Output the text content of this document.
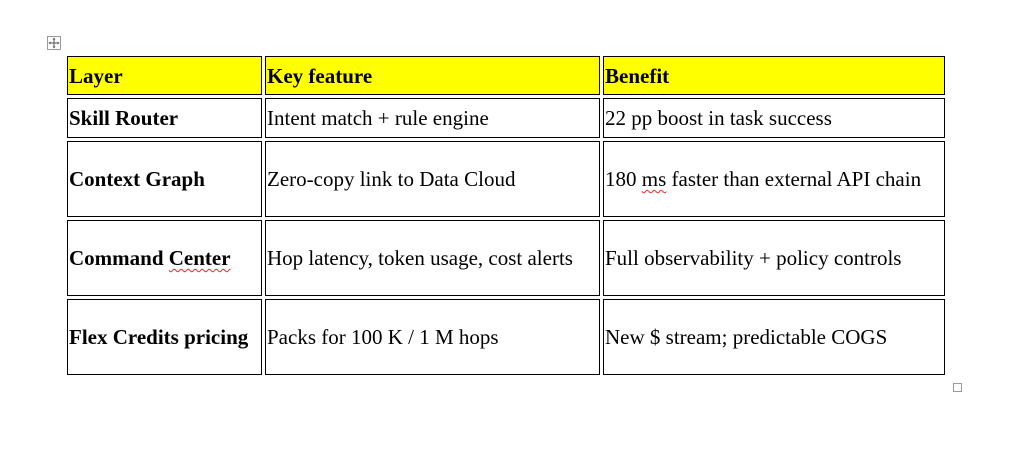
Layer	Key feature	Benefit
Skill Router	Intent match + rule engine	22 pp boost in task success
Context Graph	Zero-copy link to Data Cloud	180 ms faster than external API chain
Command Center	Hop latency, token usage, cost alerts	Full observability + policy controls
Flex Credits pricing	Packs for 100 K / 1 M hops	New $ stream; predictable COGS
